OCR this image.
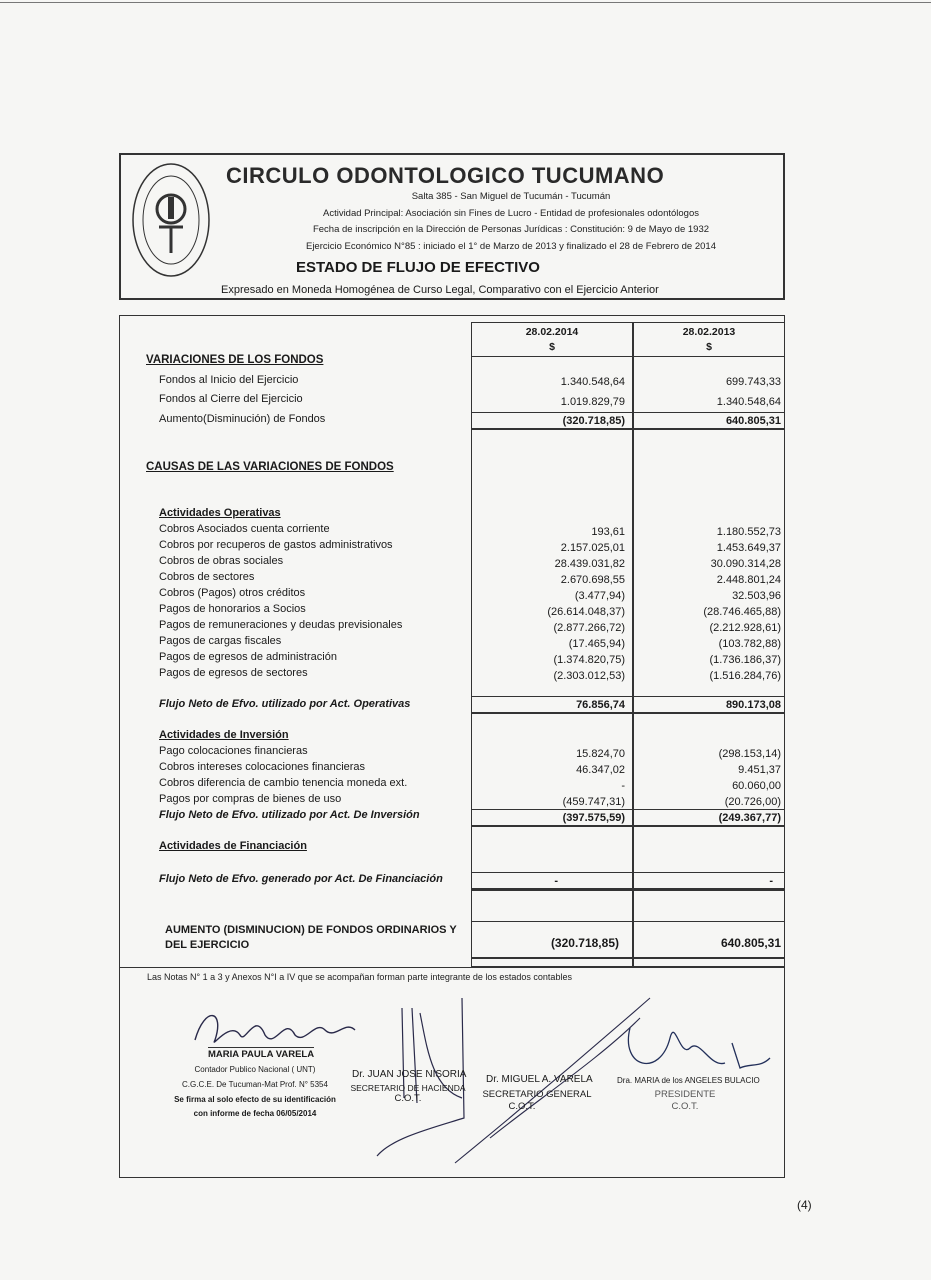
CIRCULO ODONTOLOGICO TUCUMANO
Salta 385 - San Miguel de Tucumán - Tucumán
Actividad Principal: Asociación sin Fines de Lucro - Entidad de profesionales odontólogos
Fecha de inscripción en la Dirección de Personas Jurídicas : Constitución: 9 de Mayo de 1932
Ejercicio Económico N°85 : iniciado el 1° de Marzo de 2013 y finalizado el 28 de Febrero de 2014
ESTADO DE FLUJO DE EFECTIVO
Expresado en Moneda Homogénea de Curso Legal, Comparativo con el Ejercicio Anterior
28.02.2014
$
28.02.2013
$
VARIACIONES DE LOS FONDOS
Fondos al Inicio del Ejercicio	1.340.548,64	699.743,33
Fondos al Cierre del Ejercicio	1.019.829,79	1.340.548,64
Aumento(Disminución) de Fondos	(320.718,85)	640.805,31
CAUSAS DE LAS VARIACIONES DE FONDOS
Actividades Operativas
Cobros Asociados cuenta corriente	193,61	1.180.552,73
Cobros por recuperos de gastos administrativos	2.157.025,01	1.453.649,37
Cobros de obras sociales	28.439.031,82	30.090.314,28
Cobros de sectores	2.670.698,55	2.448.801,24
Cobros (Pagos) otros créditos	(3.477,94)	32.503,96
Pagos de honorarios a Socios	(26.614.048,37)	(28.746.465,88)
Pagos de remuneraciones y deudas previsionales	(2.877.266,72)	(2.212.928,61)
Pagos de cargas fiscales	(17.465,94)	(103.782,88)
Pagos de egresos de administración	(1.374.820,75)	(1.736.186,37)
Pagos de egresos de sectores	(2.303.012,53)	(1.516.284,76)
Flujo Neto de Efvo. utilizado por Act. Operativas	76.856,74	890.173,08
Actividades de Inversión
Pago colocaciones financieras	15.824,70	(298.153,14)
Cobros intereses colocaciones financieras	46.347,02	9.451,37
Cobros diferencia de cambio tenencia moneda ext.	-	60.060,00
Pagos por compras de bienes de uso	(459.747,31)	(20.726,00)
Flujo Neto de Efvo. utilizado por Act. De Inversión	(397.575,59)	(249.367,77)
Actividades de Financiación
Flujo Neto de Efvo. generado por Act. De Financiación	-	-
AUMENTO (DISMINUCION) DE FONDOS ORDINARIOS Y DEL EJERCICIO	(320.718,85)	640.805,31
Las Notas N° 1 a 3 y Anexos N°I a IV que se acompañan forman parte integrante de los estados contables
MARIA PAULA VARELA
Contador Publico Nacional ( UNT)
C.G.C.E. De Tucuman-Mat Prof. N° 5354
Se firma al solo efecto de su identificación
con informe de fecha 06/05/2014
Dr. JUAN JOSE NISORIA
SECRETARIO DE HACIENDA
C.O.T.
Dr. MIGUEL A. VARELA
SECRETARIO GENERAL
C.O.T.
Dra. MARIA de los ANGELES BULACIO
PRESIDENTE
C.O.T.
(4)
